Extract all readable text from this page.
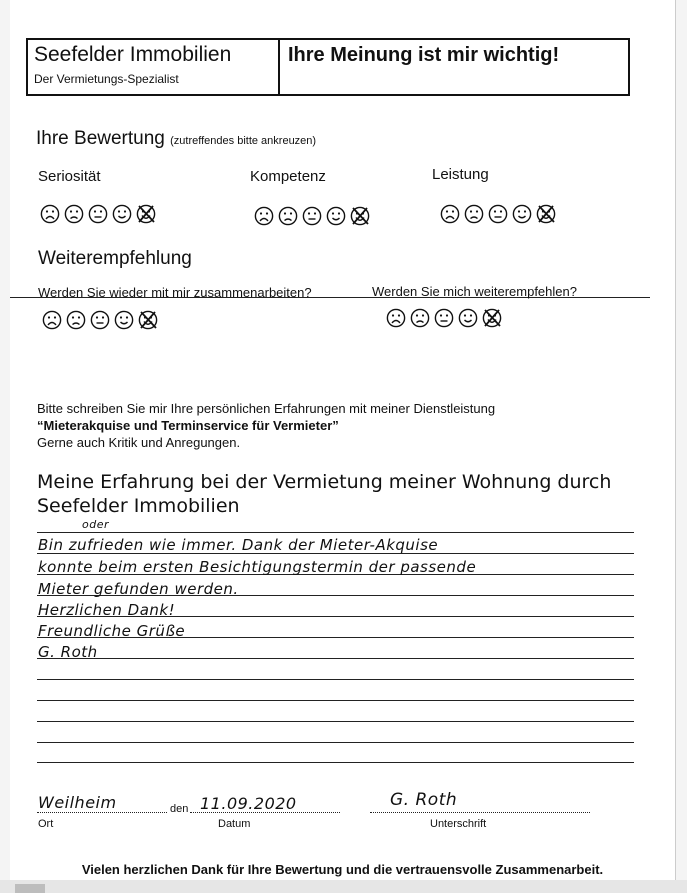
Seefelder Immobilien
Der Vermietungs-Spezialist
Ihre Meinung ist mir wichtig!
Ihre Bewertung (zutreffendes bitte ankreuzen)
Seriosität	Kompetenz	Leistung
Weiterempfehlung
Werden Sie wieder mit mir zusammenarbeiten?	Werden Sie mich weiterempfehlen?
Bitte schreiben Sie mir Ihre persönlichen Erfahrungen mit meiner Dienstleistung
“Mieterakquise und Terminservice für Vermieter”
Gerne auch Kritik und Anregungen.
Meine Erfahrung bei der Vermietung meiner Wohnung durch
Seefelder Immobilien
oder
Bin zufrieden wie immer. Dank der Mieter-Akquise
konnte beim ersten Besichtigungstermin der passende
Mieter gefunden werden.
Herzlichen Dank!
Freundliche Grüße
G. Roth
Weilheim	den 11.09.2020	G. Roth
Ort	Datum	Unterschrift
Vielen herzlichen Dank für Ihre Bewertung und die vertrauensvolle Zusammenarbeit.
